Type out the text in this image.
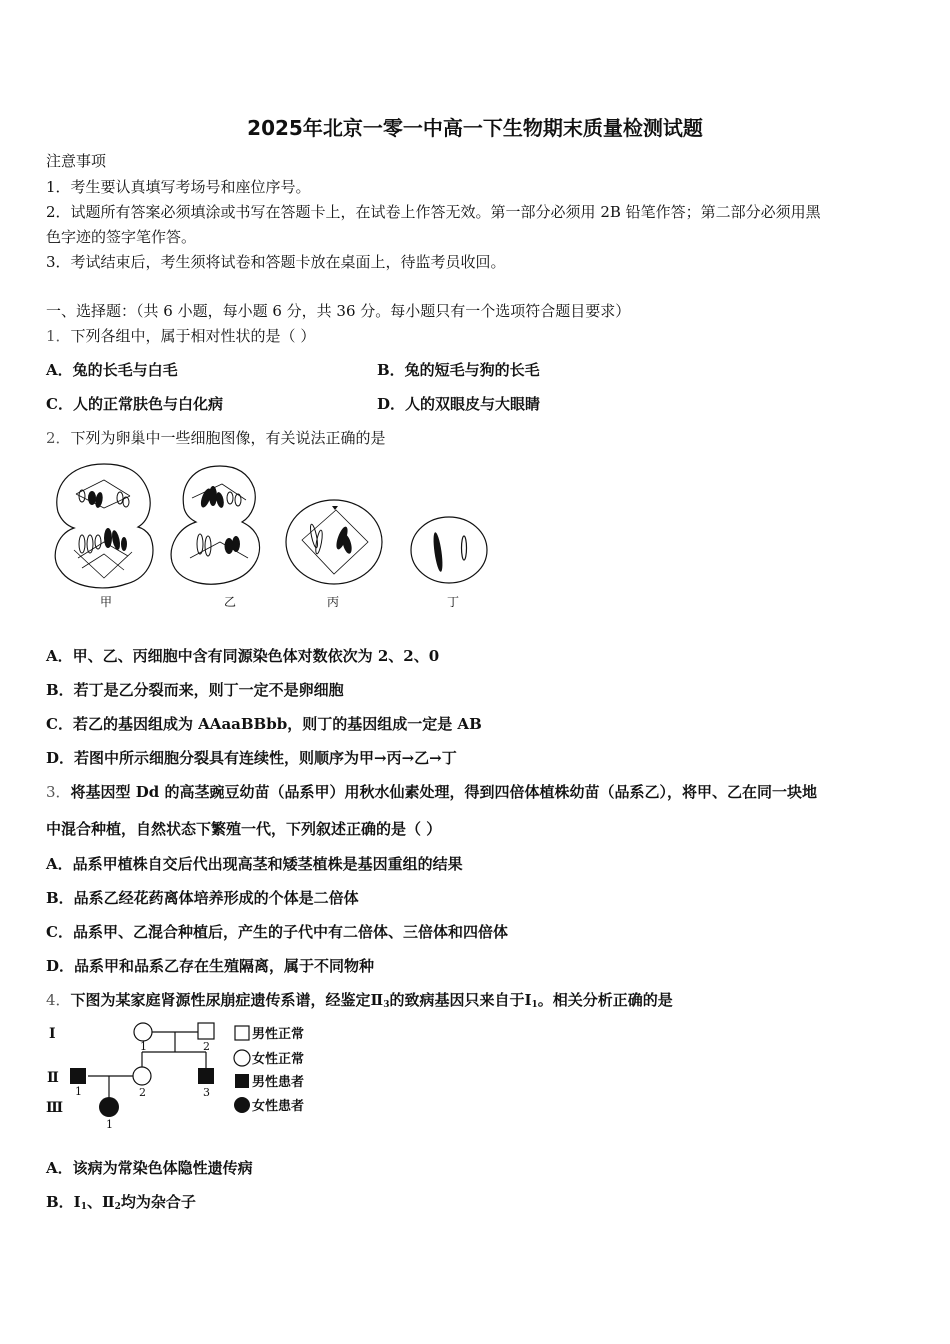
2025年北京一零一中高一下生物期末质量检测试题
注意事项
1．考生要认真填写考场号和座位序号。
2．试题所有答案必须填涂或书写在答题卡上，在试卷上作答无效。第一部分必须用 2B 铅笔作答；第二部分必须用黑
色字迹的签字笔作答。
3．考试结束后，考生须将试卷和答题卡放在桌面上，待监考员收回。
一、选择题：（共 6 小题，每小题 6 分，共 36 分。每小题只有一个选项符合题目要求）
1．下列各组中，属于相对性状的是（ ）
A．兔的长毛与白毛	B．兔的短毛与狗的长毛
C．人的正常肤色与白化病	D．人的双眼皮与大眼睛
2．下列为卵巢中一些细胞图像，有关说法正确的是
甲	乙	丙	丁
A．甲、乙、丙细胞中含有同源染色体对数依次为 2、2、0
B．若丁是乙分裂而来，则丁一定不是卵细胞
C．若乙的基因组成为 AAaaBBbb，则丁的基因组成一定是 AB
D．若图中所示细胞分裂具有连续性，则顺序为甲→丙→乙→丁
3．将基因型 Dd 的高茎豌豆幼苗（品系甲）用秋水仙素处理，得到四倍体植株幼苗（品系乙），将甲、乙在同一块地
中混合种植，自然状态下繁殖一代，下列叙述正确的是（ ）
A．品系甲植株自交后代出现高茎和矮茎植株是基因重组的结果
B．品系乙经花药离体培养形成的个体是二倍体
C．品系甲、乙混合种植后，产生的子代中有二倍体、三倍体和四倍体
D．品系甲和品系乙存在生殖隔离，属于不同物种
4．下图为某家庭肾源性尿崩症遗传系谱，经鉴定$Ⅱ_3$的致病基因只来自于$Ⅰ_1$。相关分析正确的是
Ⅰ
Ⅱ
Ⅲ
1	2
1	2	3
1
男性正常
女性正常
男性患者
女性患者
A．该病为常染色体隐性遗传病
B．$Ⅰ_1$、$Ⅱ_2$均为杂合子
